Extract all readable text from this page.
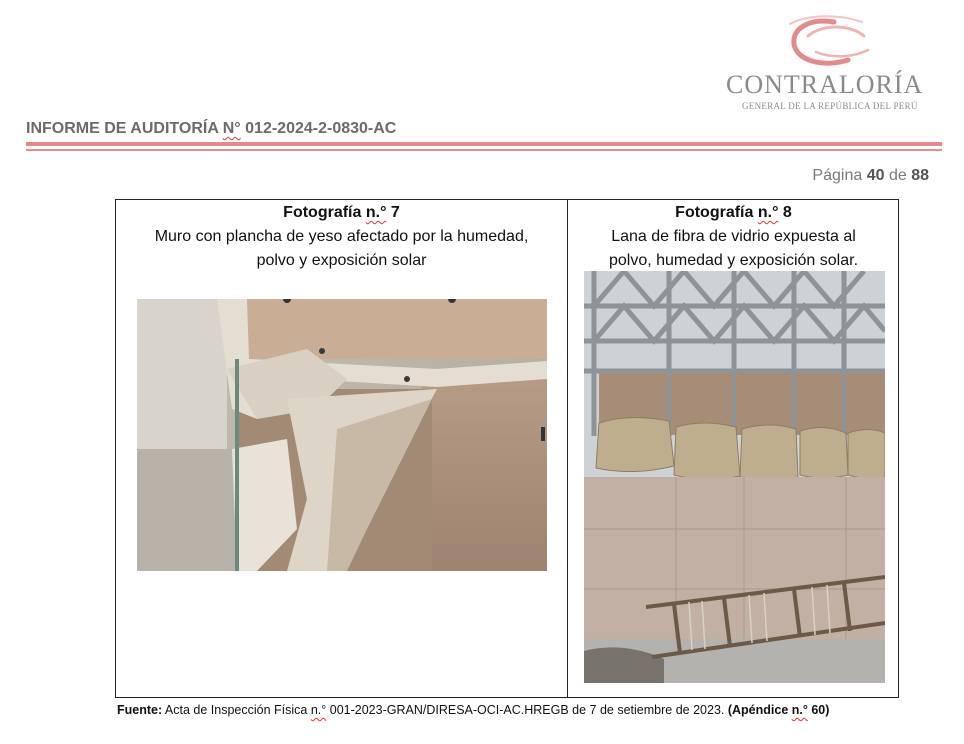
CONTRALORÍA
GENERAL DE LA REPÚBLICA DEL PERÚ
INFORME DE AUDITORÍA N° 012-2024-2-0830-AC
Página 40 de 88
Fotografía n.° 7
Muro con plancha de yeso afectado por la humedad,
polvo y exposición solar
Fotografía n.° 8
Lana de fibra de vidrio expuesta al
polvo, humedad y exposición solar.
Fuente: Acta de Inspección Física n.° 001-2023-GRAN/DIRESA-OCI-AC.HREGB de 7 de setiembre de 2023. (Apéndice n.° 60)
